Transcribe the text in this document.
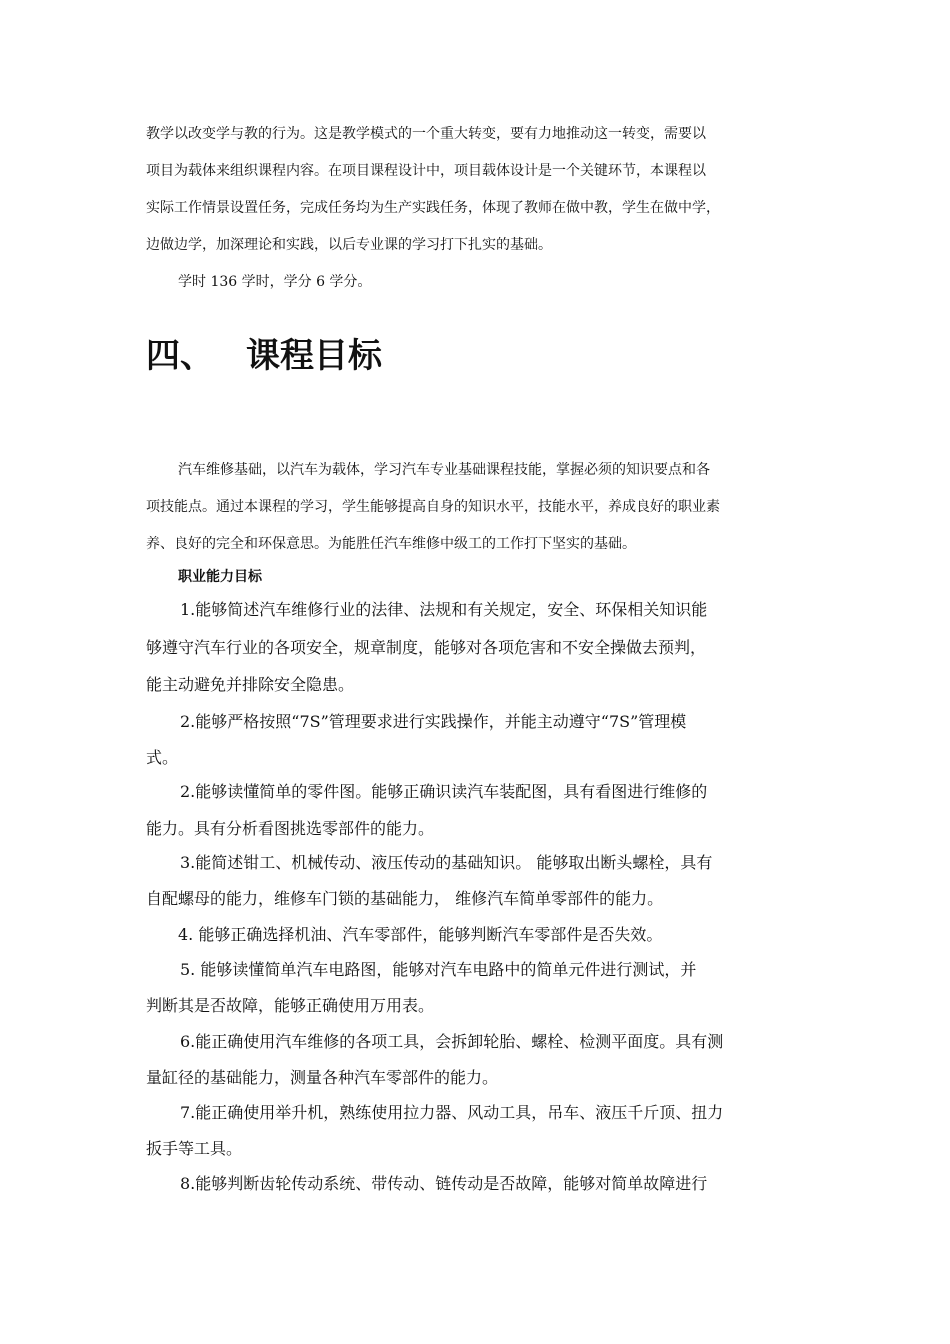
教学以改变学与教的行为。这是教学模式的一个重大转变，要有力地推动这一转变，需要以
项目为载体来组织课程内容。在项目课程设计中，项目载体设计是一个关键环节，本课程以
实际工作情景设置任务，完成任务均为生产实践任务，体现了教师在做中教，学生在做中学，
边做边学，加深理论和实践，以后专业课的学习打下扎实的基础。
学时 136 学时，学分 6 学分。
四、 课程目标
汽车维修基础，以汽车为载体，学习汽车专业基础课程技能，掌握必须的知识要点和各
项技能点。通过本课程的学习，学生能够提高自身的知识水平，技能水平，养成良好的职业素
养、良好的完全和环保意思。为能胜任汽车维修中级工的工作打下坚实的基础。
职业能力目标
1.能够简述汽车维修行业的法律、法规和有关规定，安全、环保相关知识能
够遵守汽车行业的各项安全，规章制度，能够对各项危害和不安全操做去预判，
能主动避免并排除安全隐患。
2.能够严格按照“7S”管理要求进行实践操作，并能主动遵守“7S”管理模
式。
2.能够读懂简单的零件图。能够正确识读汽车装配图，具有看图进行维修的
能力。具有分析看图挑选零部件的能力。
3.能简述钳工、机械传动、液压传动的基础知识。 能够取出断头螺栓，具有
自配螺母的能力，维修车门锁的基础能力， 维修汽车简单零部件的能力。
4. 能够正确选择机油、汽车零部件，能够判断汽车零部件是否失效。
5. 能够读懂简单汽车电路图，能够对汽车电路中的简单元件进行测试，并
判断其是否故障，能够正确使用万用表。
6.能正确使用汽车维修的各项工具，会拆卸轮胎、螺栓、检测平面度。具有测
量缸径的基础能力，测量各种汽车零部件的能力。
7.能正确使用举升机，熟练使用拉力器、风动工具，吊车、液压千斤顶、扭力
扳手等工具。
8.能够判断齿轮传动系统、带传动、链传动是否故障，能够对简单故障进行
